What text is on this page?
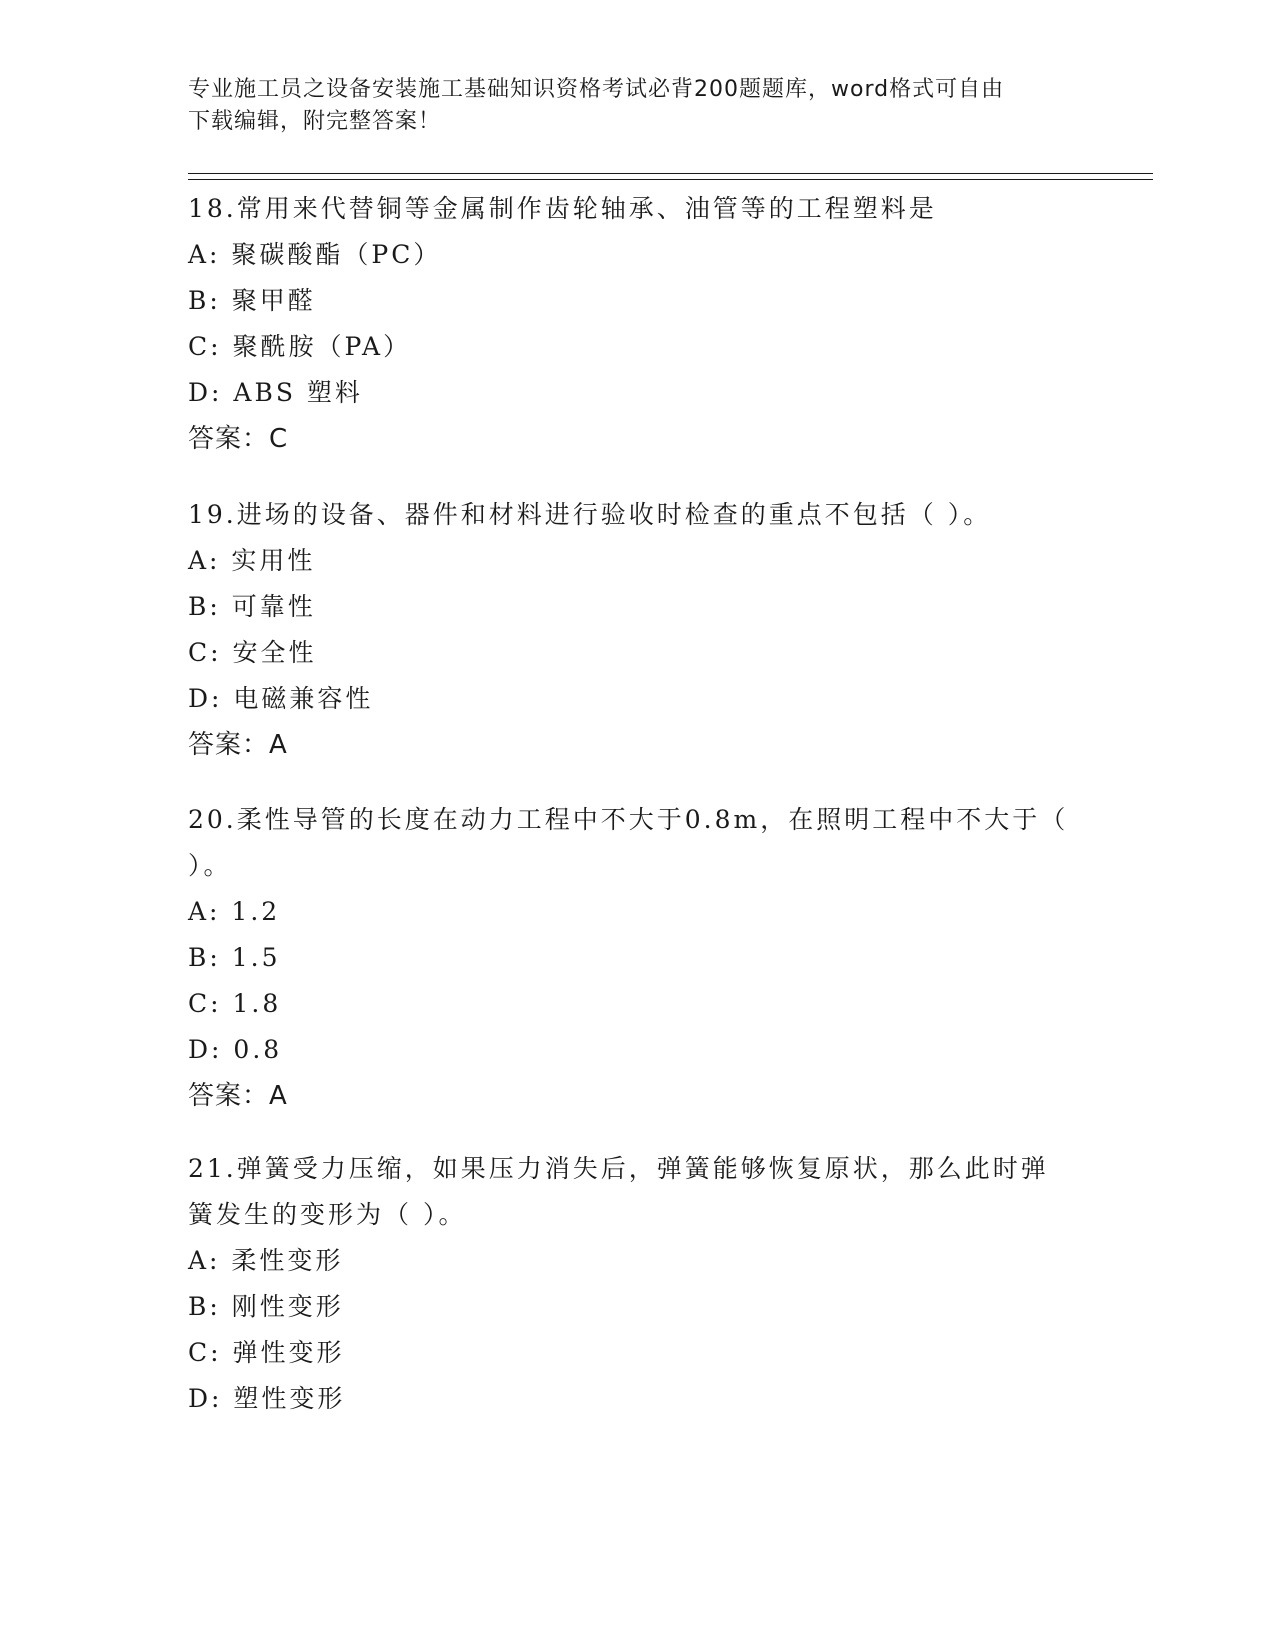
专业施工员之设备安装施工基础知识资格考试必背200题题库，word格式可自由
下载编辑，附完整答案！
18.常用来代替铜等金属制作齿轮轴承、油管等的工程塑料是
A: 聚碳酸酯（PC）
B: 聚甲醛
C: 聚酰胺（PA）
D: ABS 塑料
答案：C
19.进场的设备、器件和材料进行验收时检查的重点不包括（ ）。
A: 实用性
B: 可靠性
C: 安全性
D: 电磁兼容性
答案：A
20.柔性导管的长度在动力工程中不大于0.8m，在照明工程中不大于（
）。
A: 1.2
B: 1.5
C: 1.8
D: 0.8
答案：A
21.弹簧受力压缩，如果压力消失后，弹簧能够恢复原状，那么此时弹
簧发生的变形为（ ）。
A: 柔性变形
B: 刚性变形
C: 弹性变形
D: 塑性变形
